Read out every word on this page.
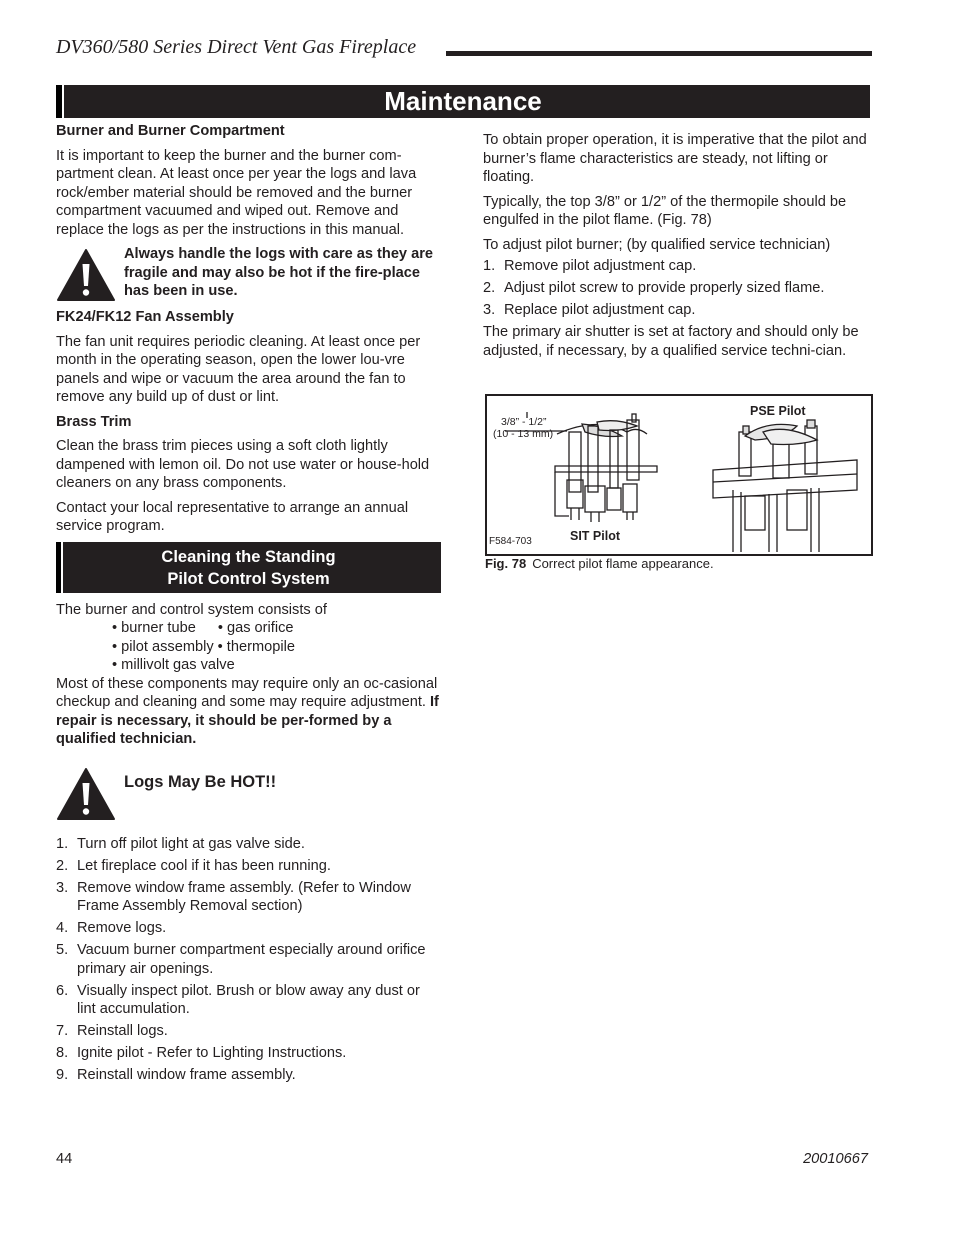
DV360/580 Series Direct Vent Gas Fireplace
Maintenance
Burner and Burner Compartment

It is important to keep the burner and the burner com-partment clean. At least once per year the logs and lava rock/ember material should be removed and the burner compartment vacuumed and wiped out. Remove and replace the logs as per the instructions in this manual.

Always handle the logs with care as they are fragile and may also be hot if the fire-place has been in use.
FK24/FK12 Fan Assembly

The fan unit requires periodic cleaning. At least once per month in the operating season, open the lower lou-vre panels and wipe or vacuum the area around the fan to remove any build up of dust or lint.

Brass Trim

Clean the brass trim pieces using a soft cloth lightly dampened with lemon oil. Do not use water or house-hold cleaners on any brass components.

Contact your local representative to arrange an annual service program.

Cleaning the Standing
Pilot Control System
The burner and control system consists of
• burner tube • gas orifice
• pilot assembly • thermopile
• millivolt gas valve

Most of these components may require only an oc-casional checkup and cleaning and some may require adjustment. If repair is necessary, it should be per-formed by a qualified technician.

Logs May Be HOT!!
1. Turn off pilot light at gas valve side.
2. Let fireplace cool if it has been running.
3. Remove window frame assembly. (Refer to Window Frame Assembly Removal section)
4. Remove logs.
5. Vacuum burner compartment especially around orifice primary air openings.
6. Visually inspect pilot. Brush or blow away any dust or lint accumulation.
7. Reinstall logs.
8. Ignite pilot - Refer to Lighting Instructions.
9. Reinstall window frame assembly.

To obtain proper operation, it is imperative that the pilot and burner’s flame characteristics are steady, not lifting or floating.

Typically, the top 3/8” or 1/2” of the thermopile should be engulfed in the pilot flame. (Fig. 78)

To adjust pilot burner; (by qualified service technician)

1. Remove pilot adjustment cap.
2. Adjust pilot screw to provide properly sized flame.
3. Replace pilot adjustment cap.

The primary air shutter is set at factory and should only be adjusted, if necessary, by a qualified service techni-cian.

3/8” - 1/2”
(10 - 13 mm)
PSE Pilot
SIT Pilot
F584-703
Fig. 78 Correct pilot flame appearance.
44	20010667
